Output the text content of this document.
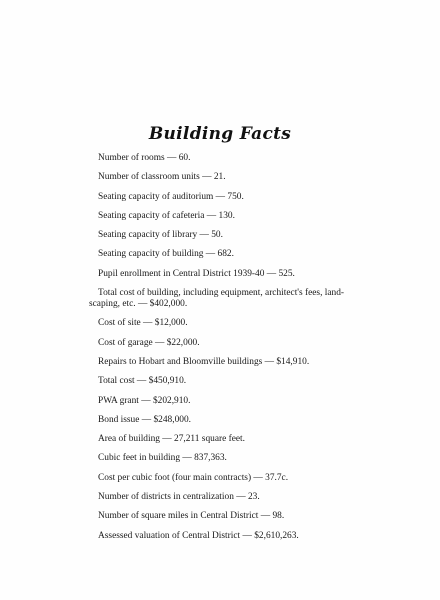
Building Facts
Number of rooms — 60.
Number of classroom units — 21.
Seating capacity of auditorium — 750.
Seating capacity of cafeteria — 130.
Seating capacity of library — 50.
Seating capacity of building — 682.
Pupil enrollment in Central District 1939-40 — 525.
Total cost of building, including equipment, architect's fees, land-
scaping, etc. — $402,000.
Cost of site — $12,000.
Cost of garage — $22,000.
Repairs to Hobart and Bloomville buildings — $14,910.
Total cost — $450,910.
PWA grant — $202,910.
Bond issue — $248,000.
Area of building — 27,211 square feet.
Cubic feet in building — 837,363.
Cost per cubic foot (four main contracts) — 37.7c.
Number of districts in centralization — 23.
Number of square miles in Central District — 98.
Assessed valuation of Central District — $2,610,263.
